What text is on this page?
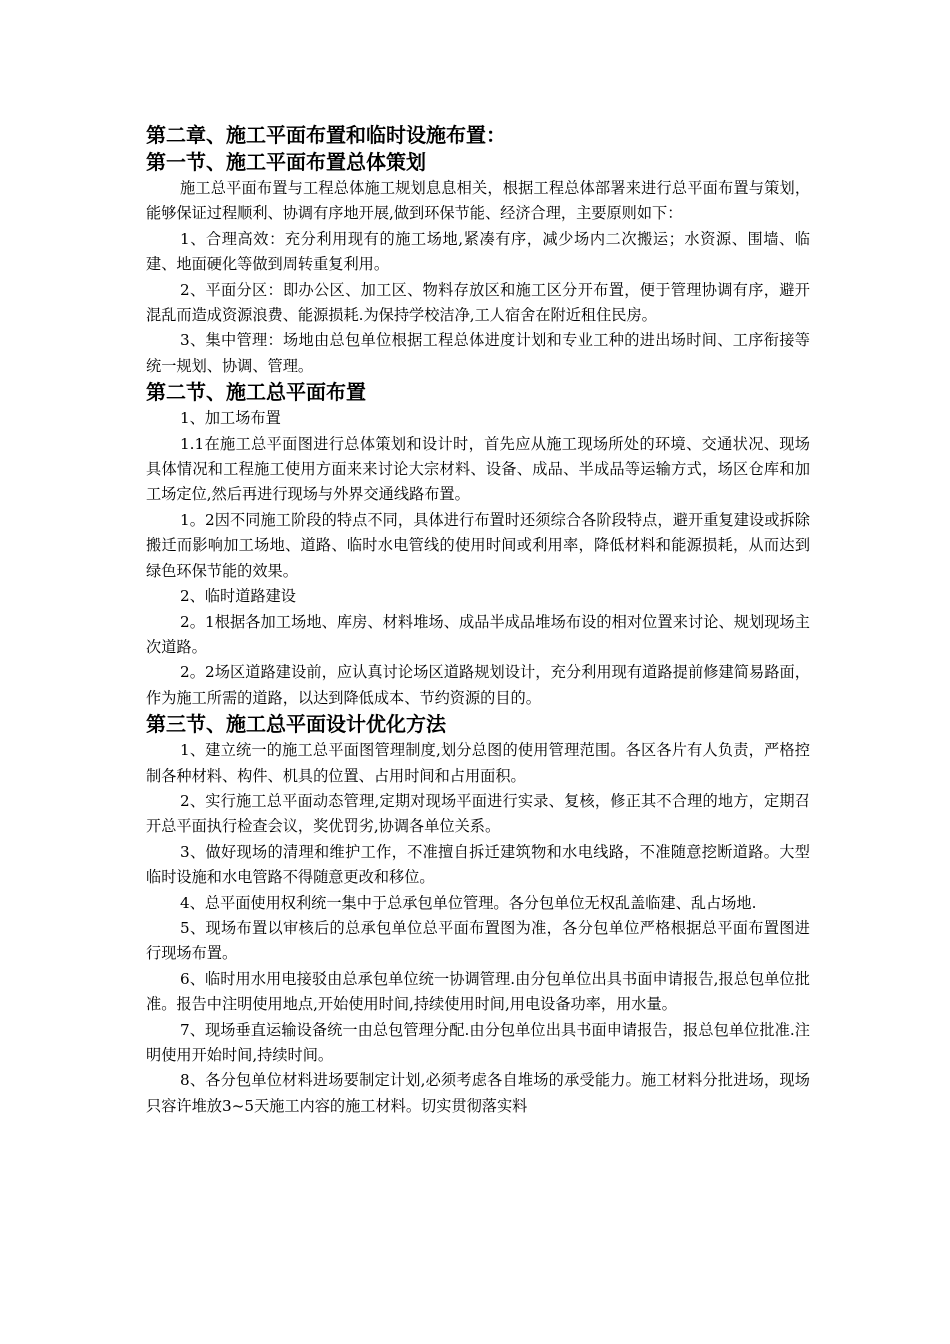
第二章、施工平面布置和临时设施布置：
第一节、施工平面布置总体策划

施工总平面布置与工程总体施工规划息息相关，根据工程总体部署来进行总平面布置与策划，能够保证过程顺利、协调有序地开展,做到环保节能、经济合理，主要原则如下：

1、合理高效：充分利用现有的施工场地,紧凑有序，减少场内二次搬运；水资源、围墙、临建、地面硬化等做到周转重复利用。

2、平面分区：即办公区、加工区、物料存放区和施工区分开布置，便于管理协调有序，避开混乱而造成资源浪费、能源损耗.为保持学校洁净,工人宿舍在附近租住民房。

3、集中管理：场地由总包单位根据工程总体进度计划和专业工种的进出场时间、工序衔接等统一规划、协调、管理。

第二节、施工总平面布置

1、加工场布置

1.1在施工总平面图进行总体策划和设计时，首先应从施工现场所处的环境、交通状况、现场具体情况和工程施工使用方面来来讨论大宗材料、设备、成品、半成品等运输方式，场区仓库和加工场定位,然后再进行现场与外界交通线路布置。

1。2因不同施工阶段的特点不同，具体进行布置时还须综合各阶段特点，避开重复建设或拆除搬迁而影响加工场地、道路、临时水电管线的使用时间或利用率，降低材料和能源损耗，从而达到绿色环保节能的效果。

2、临时道路建设

2。1根据各加工场地、库房、材料堆场、成品半成品堆场布设的相对位置来讨论、规划现场主次道路。

2。2场区道路建设前，应认真讨论场区道路规划设计，充分利用现有道路提前修建简易路面，作为施工所需的道路，以达到降低成本、节约资源的目的。

第三节、施工总平面设计优化方法

1、建立统一的施工总平面图管理制度,划分总图的使用管理范围。各区各片有人负责，严格控制各种材料、构件、机具的位置、占用时间和占用面积。

2、实行施工总平面动态管理,定期对现场平面进行实录、复核，修正其不合理的地方，定期召开总平面执行检查会议，奖优罚劣,协调各单位关系。

3、做好现场的清理和维护工作，不准擅自拆迁建筑物和水电线路，不准随意挖断道路。大型临时设施和水电管路不得随意更改和移位。

4、总平面使用权利统一集中于总承包单位管理。各分包单位无权乱盖临建、乱占场地.

5、现场布置以审核后的总承包单位总平面布置图为准，各分包单位严格根据总平面布置图进行现场布置。

6、临时用水用电接驳由总承包单位统一协调管理.由分包单位出具书面申请报告,报总包单位批准。报告中注明使用地点,开始使用时间,持续使用时间,用电设备功率，用水量。

7、现场垂直运输设备统一由总包管理分配.由分包单位出具书面申请报告，报总包单位批准.注明使用开始时间,持续时间。

8、各分包单位材料进场要制定计划,必须考虑各自堆场的承受能力。施工材料分批进场，现场只容许堆放3~5天施工内容的施工材料。切实贯彻落实料
